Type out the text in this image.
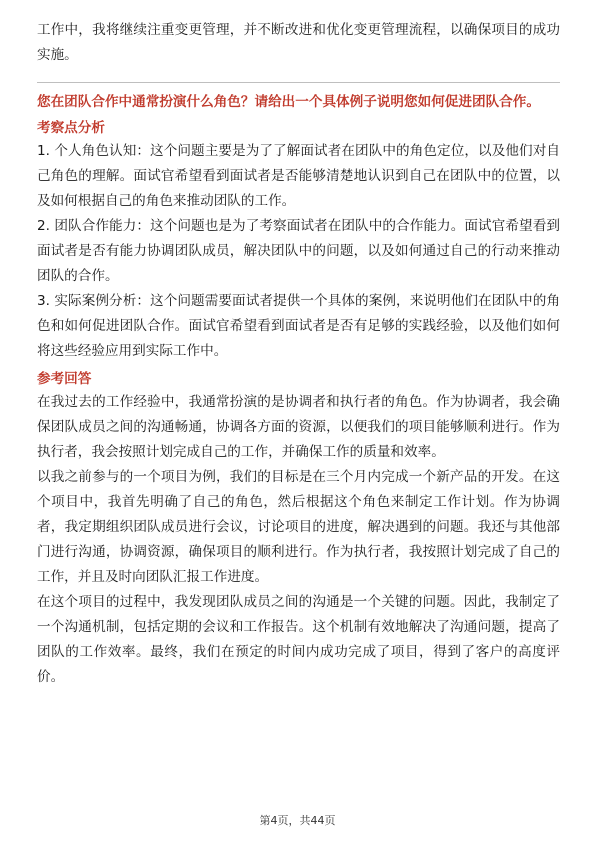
工作中，我将继续注重变更管理，并不断改进和优化变更管理流程，以确保项目的成功实施。

您在团队合作中通常扮演什么角色？请给出一个具体例子说明您如何促进团队合作。

考察点分析

1. 个人角色认知：这个问题主要是为了了解面试者在团队中的角色定位，以及他们对自己角色的理解。面试官希望看到面试者是否能够清楚地认识到自己在团队中的位置，以及如何根据自己的角色来推动团队的工作。

2. 团队合作能力：这个问题也是为了考察面试者在团队中的合作能力。面试官希望看到面试者是否有能力协调团队成员，解决团队中的问题，以及如何通过自己的行动来推动团队的合作。

3. 实际案例分析：这个问题需要面试者提供一个具体的案例，来说明他们在团队中的角色和如何促进团队合作。面试官希望看到面试者是否有足够的实践经验，以及他们如何将这些经验应用到实际工作中。

参考回答

在我过去的工作经验中，我通常扮演的是协调者和执行者的角色。作为协调者，我会确保团队成员之间的沟通畅通，协调各方面的资源，以便我们的项目能够顺利进行。作为执行者，我会按照计划完成自己的工作，并确保工作的质量和效率。

以我之前参与的一个项目为例，我们的目标是在三个月内完成一个新产品的开发。在这个项目中，我首先明确了自己的角色，然后根据这个角色来制定工作计划。作为协调者，我定期组织团队成员进行会议，讨论项目的进度，解决遇到的问题。我还与其他部门进行沟通，协调资源，确保项目的顺利进行。作为执行者，我按照计划完成了自己的工作，并且及时向团队汇报工作进度。

在这个项目的过程中，我发现团队成员之间的沟通是一个关键的问题。因此，我制定了一个沟通机制，包括定期的会议和工作报告。这个机制有效地解决了沟通问题，提高了团队的工作效率。最终，我们在预定的时间内成功完成了项目，得到了客户的高度评价。

第4页，共44页
